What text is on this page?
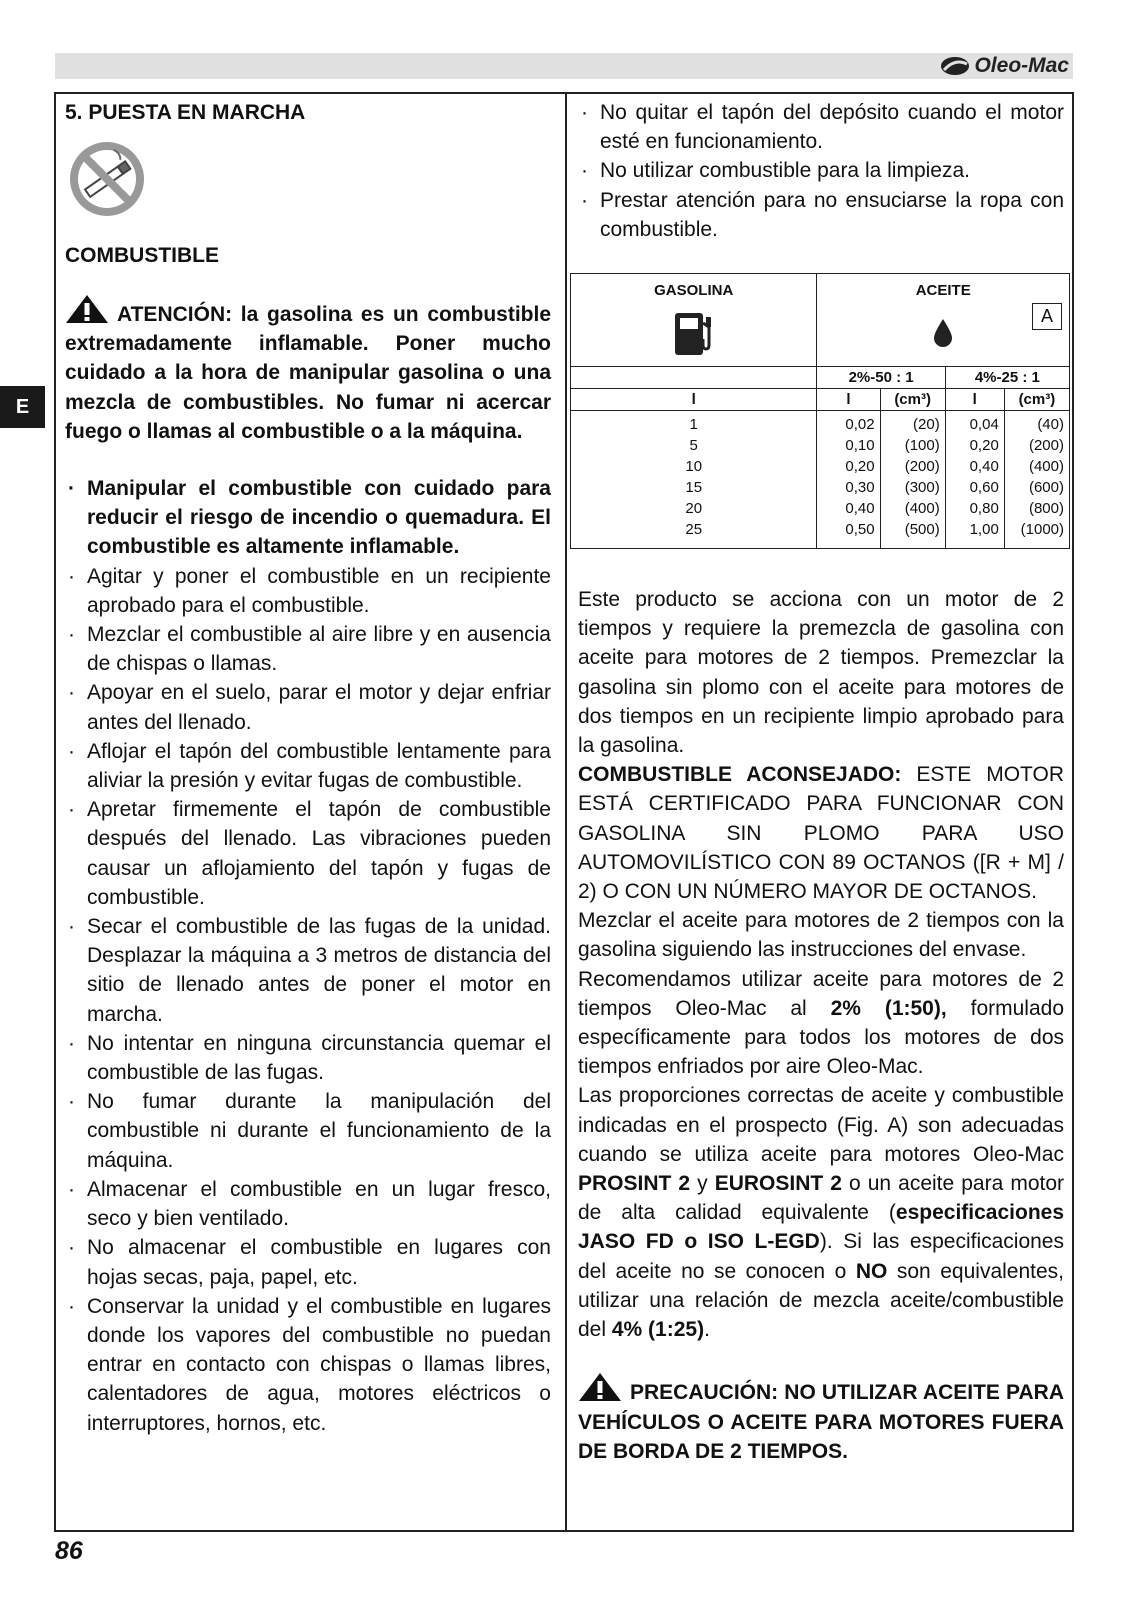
Oleo-Mac
E
5. PUESTA EN MARCHA
COMBUSTIBLE

ATENCIÓN: la gasolina es un combustible extremadamente inflamable. Poner mucho cuidado a la hora de manipular gasolina o una mezcla de combustibles. No fumar ni acercar fuego o llamas al combustible o a la máquina.

· Manipular el combustible con cuidado para reducir el riesgo de incendio o quemadura. El combustible es altamente inflamable.
· Agitar y poner el combustible en un recipiente aprobado para el combustible.
· Mezclar el combustible al aire libre y en ausencia de chispas o llamas.
· Apoyar en el suelo, parar el motor y dejar enfriar antes del llenado.
· Aflojar el tapón del combustible lentamente para aliviar la presión y evitar fugas de combustible.
· Apretar firmemente el tapón de combustible después del llenado. Las vibraciones pueden causar un aflojamiento del tapón y fugas de combustible.
· Secar el combustible de las fugas de la unidad. Desplazar la máquina a 3 metros de distancia del sitio de llenado antes de poner el motor en marcha.
· No intentar en ninguna circunstancia quemar el combustible de las fugas.
· No fumar durante la manipulación del combustible ni durante el funcionamiento de la máquina.
· Almacenar el combustible en un lugar fresco, seco y bien ventilado.
· No almacenar el combustible en lugares con hojas secas, paja, papel, etc.
· Conservar la unidad y el combustible en lugares donde los vapores del combustible no puedan entrar en contacto con chispas o llamas libres, calentadores de agua, motores eléctricos o interruptores, hornos, etc.
· No quitar el tapón del depósito cuando el motor esté en funcionamiento.
· No utilizar combustible para la limpieza.
· Prestar atención para no ensuciarse la ropa con combustible.
A
GASOLINA	ACEITE			

	2%-50 : 1		4%-25 : 1	
l	l	(cm³)	l	(cm³)
1	0,02	(20)	0,04	(40)
5	0,10	(100)	0,20	(200)
10	0,20	(200)	0,40	(400)
15	0,30	(300)	0,60	(600)
20	0,40	(400)	0,80	(800)
25	0,50	(500)	1,00	(1000)

Este producto se acciona con un motor de 2 tiempos y requiere la premezcla de gasolina con aceite para motores de 2 tiempos. Premezclar la gasolina sin plomo con el aceite para motores de dos tiempos en un recipiente limpio aprobado para la gasolina.

COMBUSTIBLE ACONSEJADO: ESTE MOTOR ESTÁ CERTIFICADO PARA FUNCIONAR CON GASOLINA SIN PLOMO PARA USO AUTOMOVILÍSTICO CON 89 OCTANOS ([R + M] / 2) O CON UN NÚMERO MAYOR DE OCTANOS.

Mezclar el aceite para motores de 2 tiempos con la gasolina siguiendo las instrucciones del envase.

Recomendamos utilizar aceite para motores de 2 tiempos Oleo-Mac al 2% (1:50), formulado específicamente para todos los motores de dos tiempos enfriados por aire Oleo-Mac.

Las proporciones correctas de aceite y combustible indicadas en el prospecto (Fig. A) son adecuadas cuando se utiliza aceite para motores Oleo-Mac PROSINT 2 y EUROSINT 2 o un aceite para motor de alta calidad equivalente (especificaciones JASO FD o ISO L-EGD). Si las especificaciones del aceite no se conocen o NO son equivalentes, utilizar una relación de mezcla aceite/combustible del 4% (1:25).

PRECAUCIÓN: NO UTILIZAR ACEITE PARA VEHÍCULOS O ACEITE PARA MOTORES FUERA DE BORDA DE 2 TIEMPOS.

86
